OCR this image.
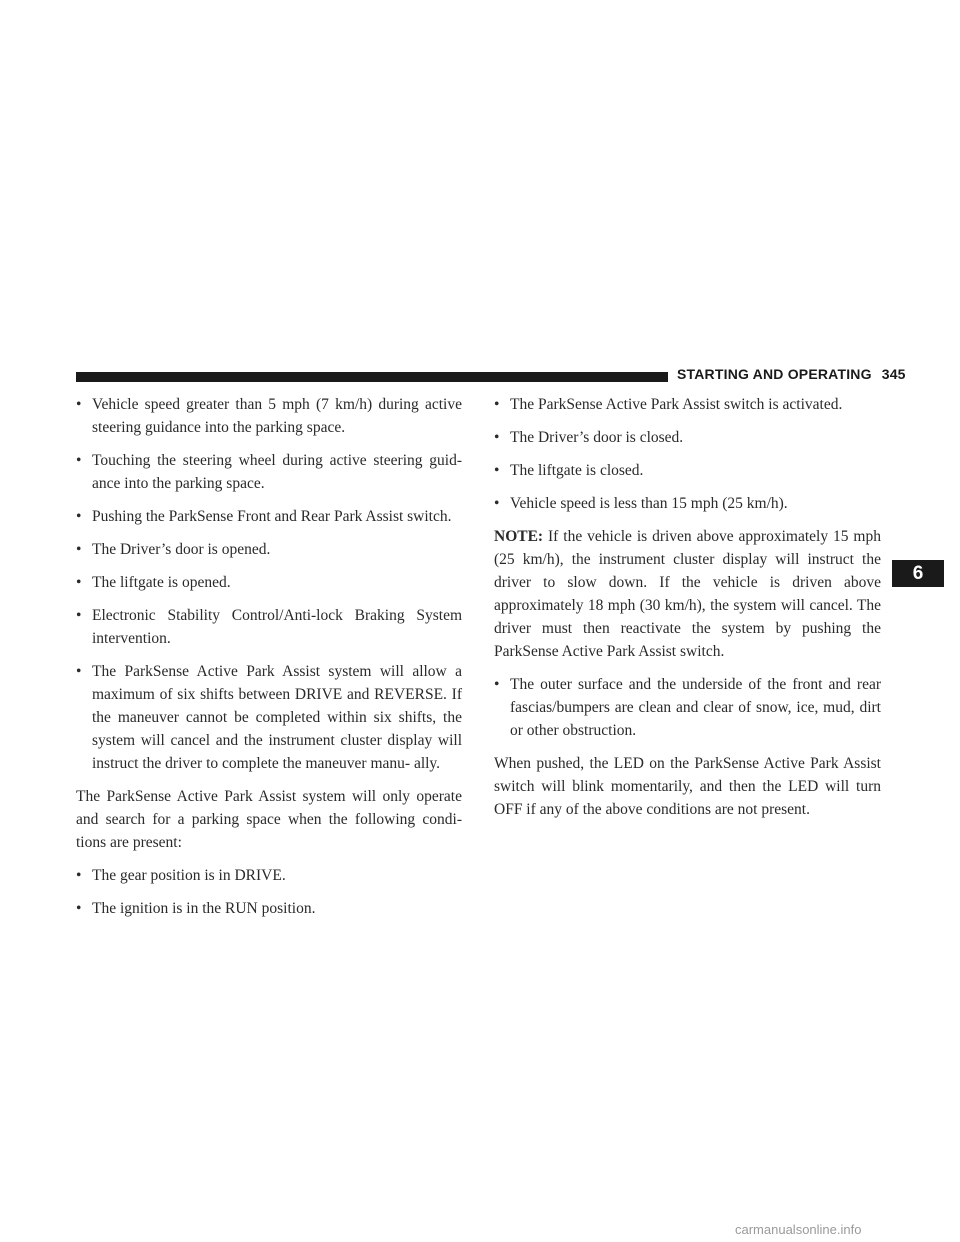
STARTING AND OPERATING 345
6
• Vehicle speed greater than 5 mph (7 km/h) during active steering guidance into the parking space.
• Touching the steering wheel during active steering guid- ance into the parking space.
• Pushing the ParkSense Front and Rear Park Assist switch.
• The Driver’s door is opened.
• The liftgate is opened.
• Electronic Stability Control/Anti-lock Braking System intervention.
• The ParkSense Active Park Assist system will allow a maximum of six shifts between DRIVE and REVERSE. If the maneuver cannot be completed within six shifts, the system will cancel and the instrument cluster display will instruct the driver to complete the maneuver manu- ally.

The ParkSense Active Park Assist system will only operate and search for a parking space when the following condi- tions are present:

• The gear position is in DRIVE.
• The ignition is in the RUN position.
• The ParkSense Active Park Assist switch is activated.
• The Driver’s door is closed.
• The liftgate is closed.
• Vehicle speed is less than 15 mph (25 km/h).

NOTE: If the vehicle is driven above approximately 15 mph (25 km/h), the instrument cluster display will instruct the driver to slow down. If the vehicle is driven above approximately 18 mph (30 km/h), the system will cancel. The driver must then reactivate the system by pushing the ParkSense Active Park Assist switch.

• The outer surface and the underside of the front and rear fascias/bumpers are clean and clear of snow, ice, mud, dirt or other obstruction.

When pushed, the LED on the ParkSense Active Park Assist switch will blink momentarily, and then the LED will turn OFF if any of the above conditions are not present.

carmanualsonline.info
